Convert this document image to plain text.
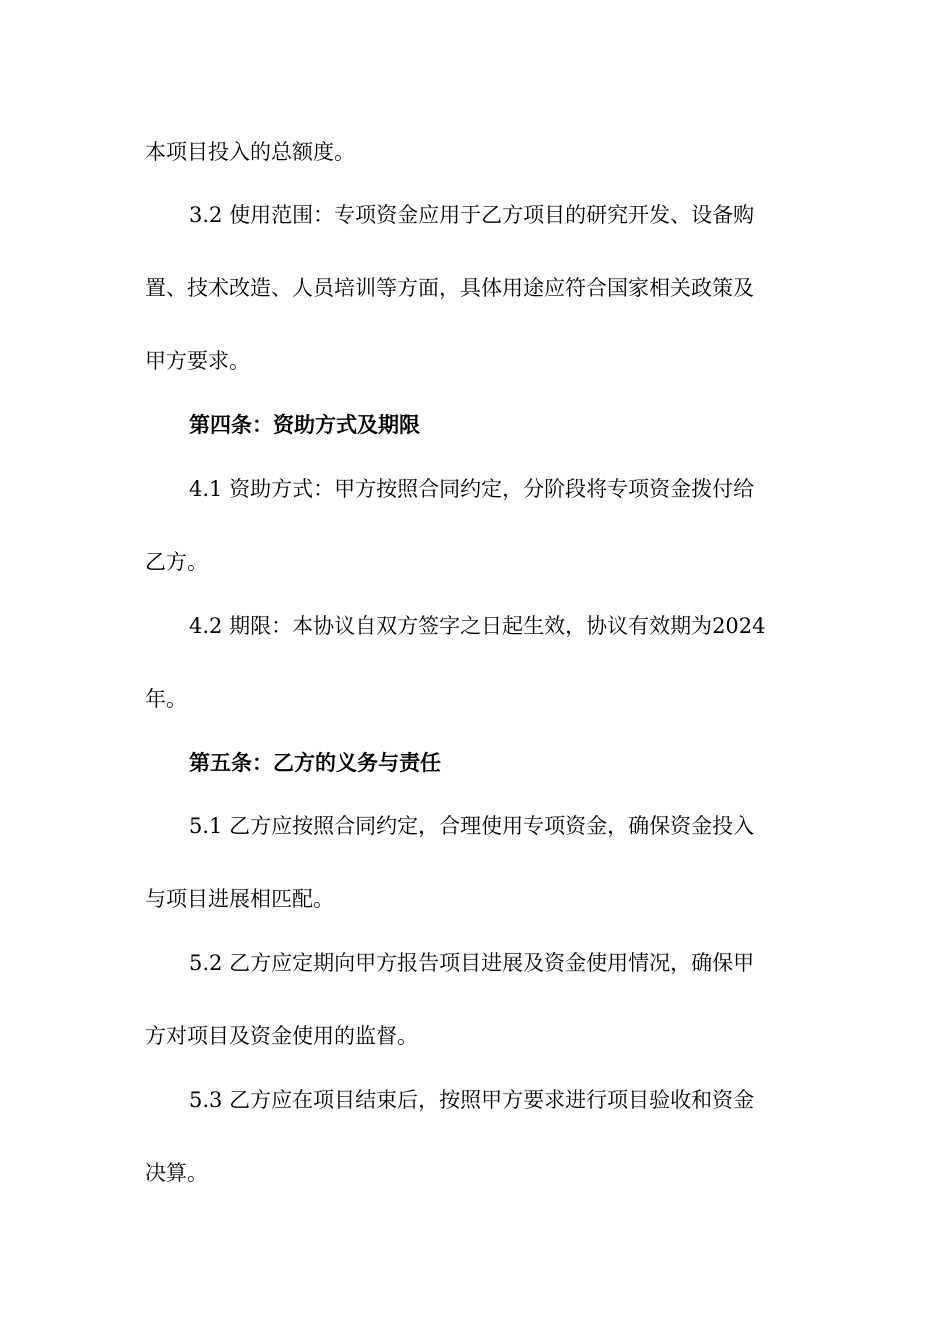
本项目投入的总额度。
3.2 使用范围：专项资金应用于乙方项目的研究开发、设备购
置、技术改造、人员培训等方面，具体用途应符合国家相关政策及
甲方要求。
第四条：资助方式及期限
4.1 资助方式：甲方按照合同约定，分阶段将专项资金拨付给
乙方。
4.2 期限：本协议自双方签字之日起生效，协议有效期为2024
年。
第五条：乙方的义务与责任
5.1 乙方应按照合同约定，合理使用专项资金，确保资金投入
与项目进展相匹配。
5.2 乙方应定期向甲方报告项目进展及资金使用情况，确保甲
方对项目及资金使用的监督。
5.3 乙方应在项目结束后，按照甲方要求进行项目验收和资金
决算。
